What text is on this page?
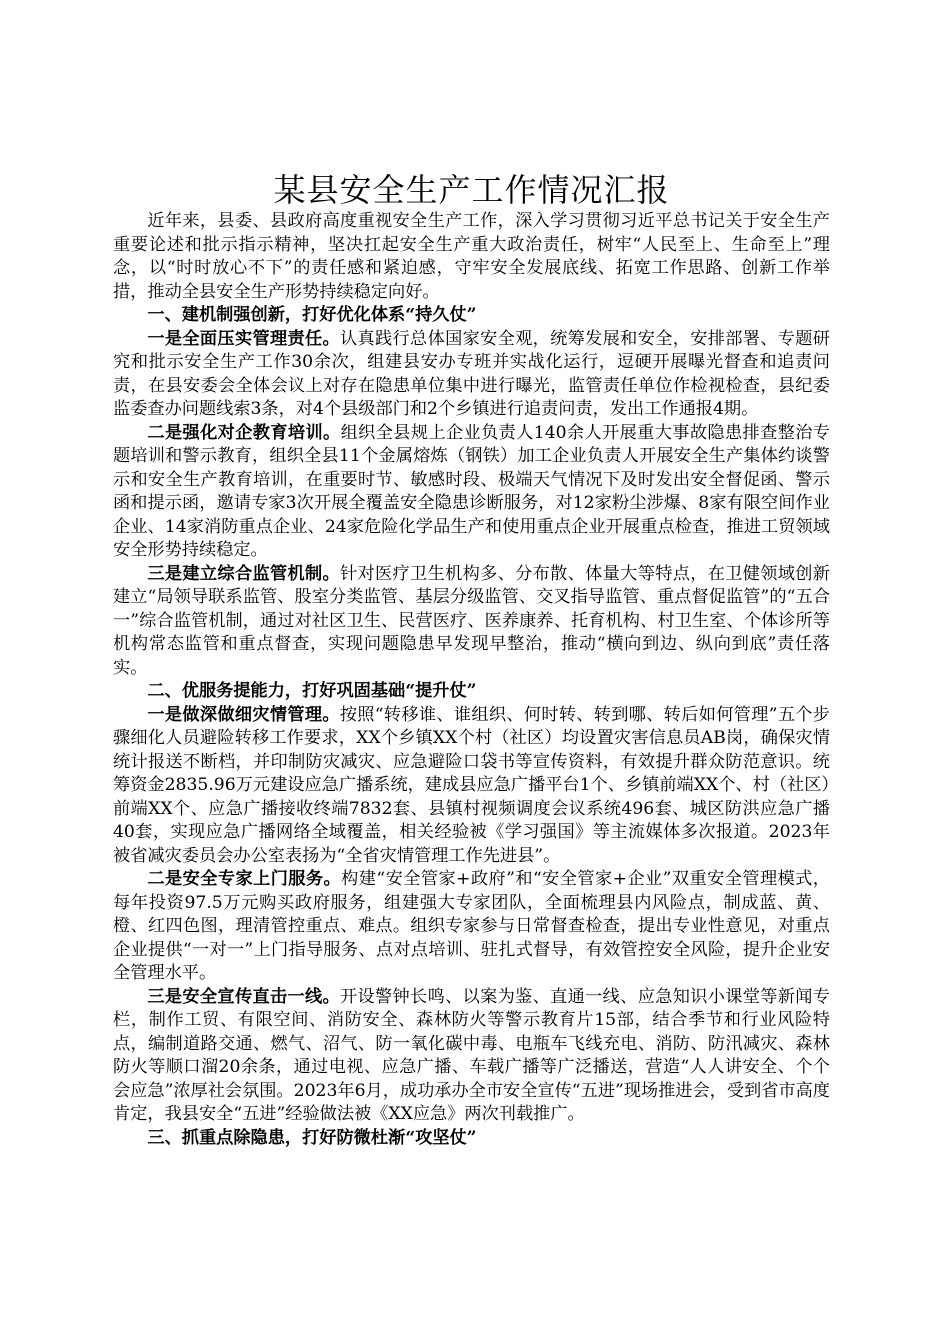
某县安全生产工作情况汇报

近年来，县委、县政府高度重视安全生产工作，深入学习贯彻习近平总书记关于安全生产重要论述和批示指示精神，坚决扛起安全生产重大政治责任，树牢“人民至上、生命至上”理念，以“时时放心不下”的责任感和紧迫感，守牢安全发展底线、拓宽工作思路、创新工作举措，推动全县安全生产形势持续稳定向好。

一、建机制强创新，打好优化体系“持久仗”

一是全面压实管理责任。认真践行总体国家安全观，统筹发展和安全，安排部署、专题研究和批示安全生产工作30余次，组建县安办专班并实战化运行，逗硬开展曝光督查和追责问责，在县安委会全体会议上对存在隐患单位集中进行曝光，监管责任单位作检视检查，县纪委监委查办问题线索3条，对4个县级部门和2个乡镇进行追责问责，发出工作通报4期。

二是强化对企教育培训。组织全县规上企业负责人140余人开展重大事故隐患排查整治专题培训和警示教育，组织全县11个金属熔炼（钢铁）加工企业负责人开展安全生产集体约谈警示和安全生产教育培训，在重要时节、敏感时段、极端天气情况下及时发出安全督促函、警示函和提示函，邀请专家3次开展全覆盖安全隐患诊断服务，对12家粉尘涉爆、8家有限空间作业企业、14家消防重点企业、24家危险化学品生产和使用重点企业开展重点检查，推进工贸领域安全形势持续稳定。

三是建立综合监管机制。针对医疗卫生机构多、分布散、体量大等特点，在卫健领域创新建立“局领导联系监管、股室分类监管、基层分级监管、交叉指导监管、重点督促监管”的“五合一”综合监管机制，通过对社区卫生、民营医疗、医养康养、托育机构、村卫生室、个体诊所等机构常态监管和重点督查，实现问题隐患早发现早整治，推动“横向到边、纵向到底”责任落实。

二、优服务提能力，打好巩固基础“提升仗”

一是做深做细灾情管理。按照“转移谁、谁组织、何时转、转到哪、转后如何管理”五个步骤细化人员避险转移工作要求，XX个乡镇XX个村（社区）均设置灾害信息员AB岗，确保灾情统计报送不断档，并印制防灾减灾、应急避险口袋书等宣传资料，有效提升群众防范意识。统筹资金2835.96万元建设应急广播系统，建成县应急广播平台1个、乡镇前端XX个、村（社区）前端XX个、应急广播接收终端7832套、县镇村视频调度会议系统496套、城区防洪应急广播40套，实现应急广播网络全域覆盖，相关经验被《学习强国》等主流媒体多次报道。2023年被省减灾委员会办公室表扬为“全省灾情管理工作先进县”。

二是安全专家上门服务。构建“安全管家+政府”和“安全管家+企业”双重安全管理模式，每年投资97.5万元购买政府服务，组建强大专家团队，全面梳理县内风险点，制成蓝、黄、橙、红四色图，理清管控重点、难点。组织专家参与日常督查检查，提出专业性意见，对重点企业提供“一对一”上门指导服务、点对点培训、驻扎式督导，有效管控安全风险，提升企业安全管理水平。

三是安全宣传直击一线。开设警钟长鸣、以案为鉴、直通一线、应急知识小课堂等新闻专栏，制作工贸、有限空间、消防安全、森林防火等警示教育片15部，结合季节和行业风险特点，编制道路交通、燃气、沼气、防一氧化碳中毒、电瓶车飞线充电、消防、防汛减灾、森林防火等顺口溜20余条，通过电视、应急广播、车载广播等广泛播送，营造“人人讲安全、个个会应急”浓厚社会氛围。2023年6月，成功承办全市安全宣传“五进”现场推进会，受到省市高度肯定，我县安全“五进”经验做法被《XX应急》两次刊载推广。

三、抓重点除隐患，打好防微杜渐“攻坚仗”
